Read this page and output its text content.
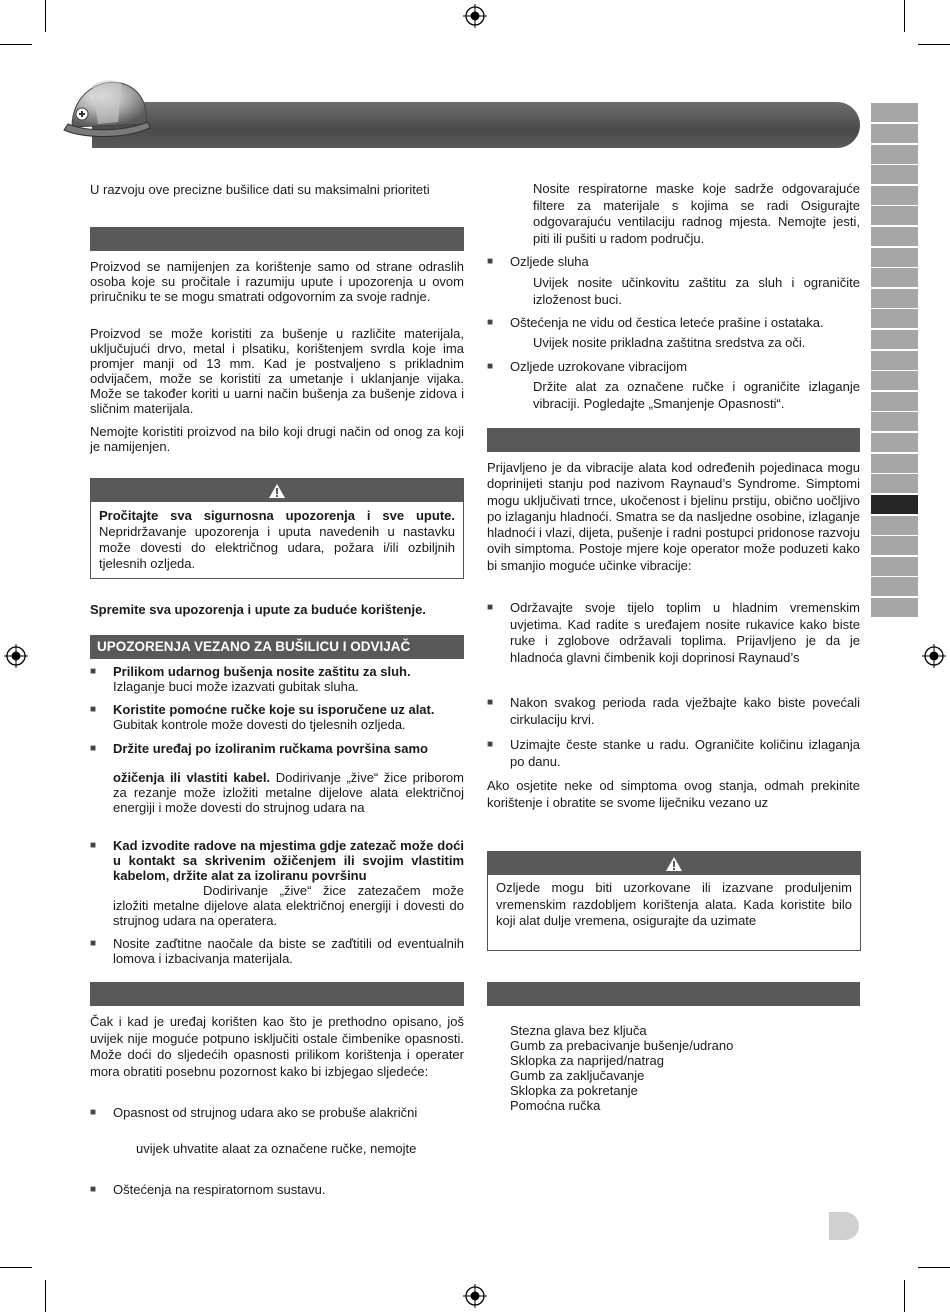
U razvoju ove precizne bušilice dati su maksimalni prioriteti

Proizvod se namijenjen za korištenje samo od strane odraslih osoba koje su pročitale i razumiju upute i upozorenja u ovom priručniku te se mogu smatrati odgovornim za svoje radnje.

Proizvod se može koristiti za bušenje u različite materijala, uključujući drvo, metal i plsatiku, korištenjem svrdla koje ima promjer manji od 13 mm. Kad je postvaljeno s prikladnim odvijačem, može se koristiti za umetanje i uklanjanje vijaka. Može se također koriti u uarni način bušenja za bušenje zidova i sličnim materijala.

Nemojte koristiti proizvod na bilo koji drugi način od onog za koji je namijenjen.

Pročitajte sva sigurnosna upozorenja i sve upute. Nepridržavanje upozorenja i uputa navedenih u nastavku može dovesti do električnog udara, požara i/ili ozbiljnih tjelesnih ozljeda.
Spremite sva upozorenja i upute za buduće korištenje.
UPOZORENJA VEZANO ZA BUŠILICU I ODVIJAČ
■ Prilikom udarnog bušenja nosite zaštitu za sluh.
Izlaganje buci može izazvati gubitak sluha.
■ Koristite pomoćne ručke koje su isporučene uz alat.
Gubitak kontrole može dovesti do tjelesnih ozljeda.
■ Držite uređaj po izoliranim ručkama površina samo
ožičenja ili vlastiti kabel. Dodirivanje „žive“ žice priborom za rezanje može izložiti metalne dijelove alata električnoj energiji i može dovesti do strujnog udara na
■ Kad izvodite radove na mjestima gdje zatezač može doći u kontakt sa skrivenim ožičenjem ili svojim vlastitim kabelom, držite alat za izoliranu površinu

Dodirivanje „žive“ žice zatezačem može izložiti metalne dijelove alata električnoj energiji i dovesti do strujnog udara na operatera.
■ Nosite zaďtitne naočale da biste se zaďtitili od eventualnih lomova i izbacivanja materijala.

Čak i kad je uređaj korišten kao što je prethodno opisano, još uvijek nije moguće potpuno isključiti ostale čimbenike opasnosti. Može doći do sljedećih opasnosti prilikom korištenja i operater mora obratiti posebnu pozornost kako bi izbjegao sljedeće:

■ Opasnost od strujnog udara ako se probuše alakrični
uvijek uhvatite alaat za označene ručke, nemojte
■ Oštećenja na respiratornom sustavu.
Nosite respiratorne maske koje sadrže odgovarajuće filtere za materijale s kojima se radi Osigurajte odgovarajuću ventilaciju radnog mjesta. Nemojte jesti, piti ili pušiti u radom području.
■ Ozljede sluha
Uvijek nosite učinkovitu zaštitu za sluh i ograničite izloženost buci.
■ Oštećenja ne vidu od čestica leteće prašine i ostataka.
Uvijek nosite prikladna zaštitna sredstva za oči.
■ Ozljede uzrokovane vibracijom
Držite alat za označene ručke i ograničite izlaganje vibraciji. Pogledajte „Smanjenje Opasnosti“.

Prijavljeno je da vibracije alata kod određenih pojedinaca mogu doprinijeti stanju pod nazivom Raynaud’s Syndrome. Simptomi mogu uključivati trnce, ukočenost i bjelinu prstiju, obično uočljivo po izlaganju hladnoći. Smatra se da nasljedne osobine, izlaganje hladnoći i vlazi, dijeta, pušenje i radni postupci pridonose razvoju ovih simptoma. Postoje mjere koje operator može poduzeti kako bi smanjio moguće učinke vibracije:

■ Održavajte svoje tijelo toplim u hladnim vremenskim uvjetima. Kad radite s uređajem nosite rukavice kako biste ruke i zglobove održavali toplima. Prijavljeno je da je hladnoća glavni čimbenik koji doprinosi Raynaud’s
■ Nakon svakog perioda rada vježbajte kako biste povećali cirkulaciju krvi.
■ Uzimajte česte stanke u radu. Ograničite količinu izlaganja po danu.

Ako osjetite neke od simptoma ovog stanja, odmah prekinite korištenje i obratite se svome liječniku vezano uz

Ozljede mogu biti uzorkovane ili izazvane produljenim vremenskim razdobljem korištenja alata. Kada koristite bilo koji alat dulje vremena, osigurajte da uzimate
Stezna glava bez ključa
Gumb za prebacivanje bušenje/udrano
Sklopka za naprijed/natrag
Gumb za zaključavanje
Sklopka za pokretanje
Pomoćna ručka
